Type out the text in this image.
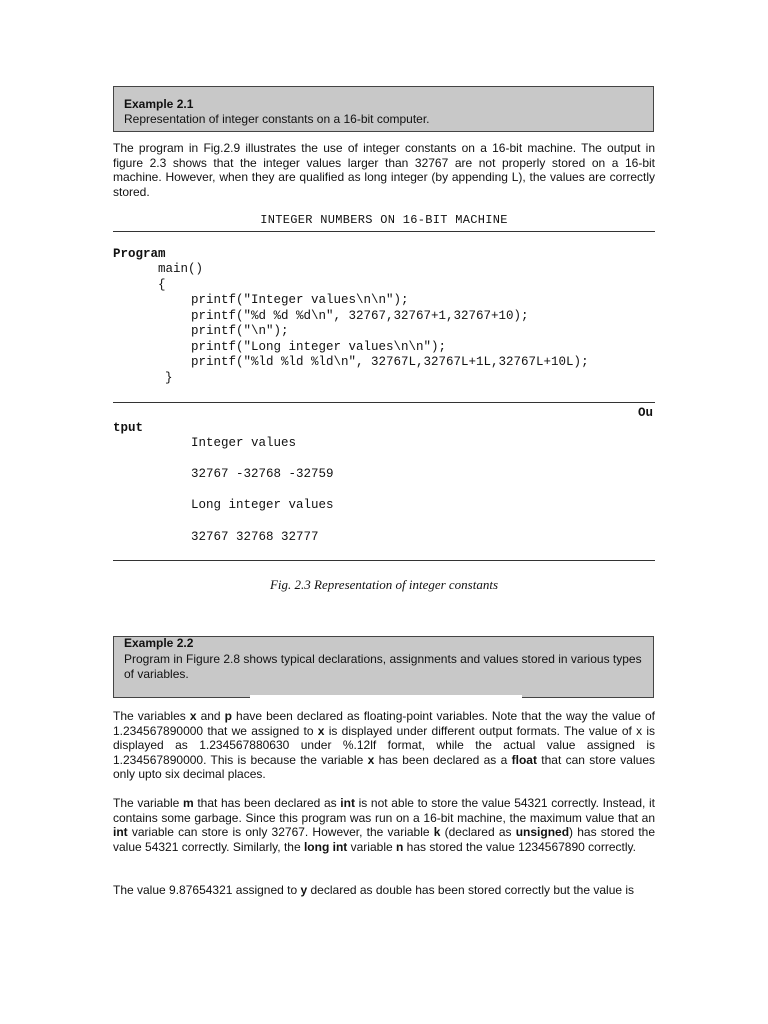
Example 2.1
Representation of integer constants on a 16-bit computer.
The program in Fig.2.9 illustrates the use of integer constants on a 16-bit machine. The output in figure 2.3 shows that the integer values larger than 32767 are not properly stored on a 16-bit machine. However, when they are qualified as long integer (by appending L), the values are correctly stored.
INTEGER NUMBERS ON 16-BIT MACHINE
Program
main()
{
printf("Integer values\n\n");
printf("%d %d %d\n", 32767,32767+1,32767+10);
printf("\n");
printf("Long integer values\n\n");
printf("%ld %ld %ld\n", 32767L,32767L+1L,32767L+10L);
}
Ou
tput
Integer values
32767 -32768 -32759
Long integer values
32767 32768 32777
Fig. 2.3 Representation of integer constants
Example 2.2
Program in Figure 2.8 shows typical declarations, assignments and values stored in various types of variables.
The variables x and p have been declared as floating-point variables. Note that the way the value of 1.234567890000 that we assigned to x is displayed under different output formats. The value of x is displayed as 1.234567880630 under %.12lf format, while the actual value assigned is 1.234567890000. This is because the variable x has been declared as a float that can store values only upto six decimal places.
The variable m that has been declared as int is not able to store the value 54321 correctly. Instead, it contains some garbage. Since this program was run on a 16-bit machine, the maximum value that an int variable can store is only 32767. However, the variable k (declared as unsigned) has stored the value 54321 correctly. Similarly, the long int variable n has stored the value 1234567890 correctly.
The value 9.87654321 assigned to y declared as double has been stored correctly but the value is
